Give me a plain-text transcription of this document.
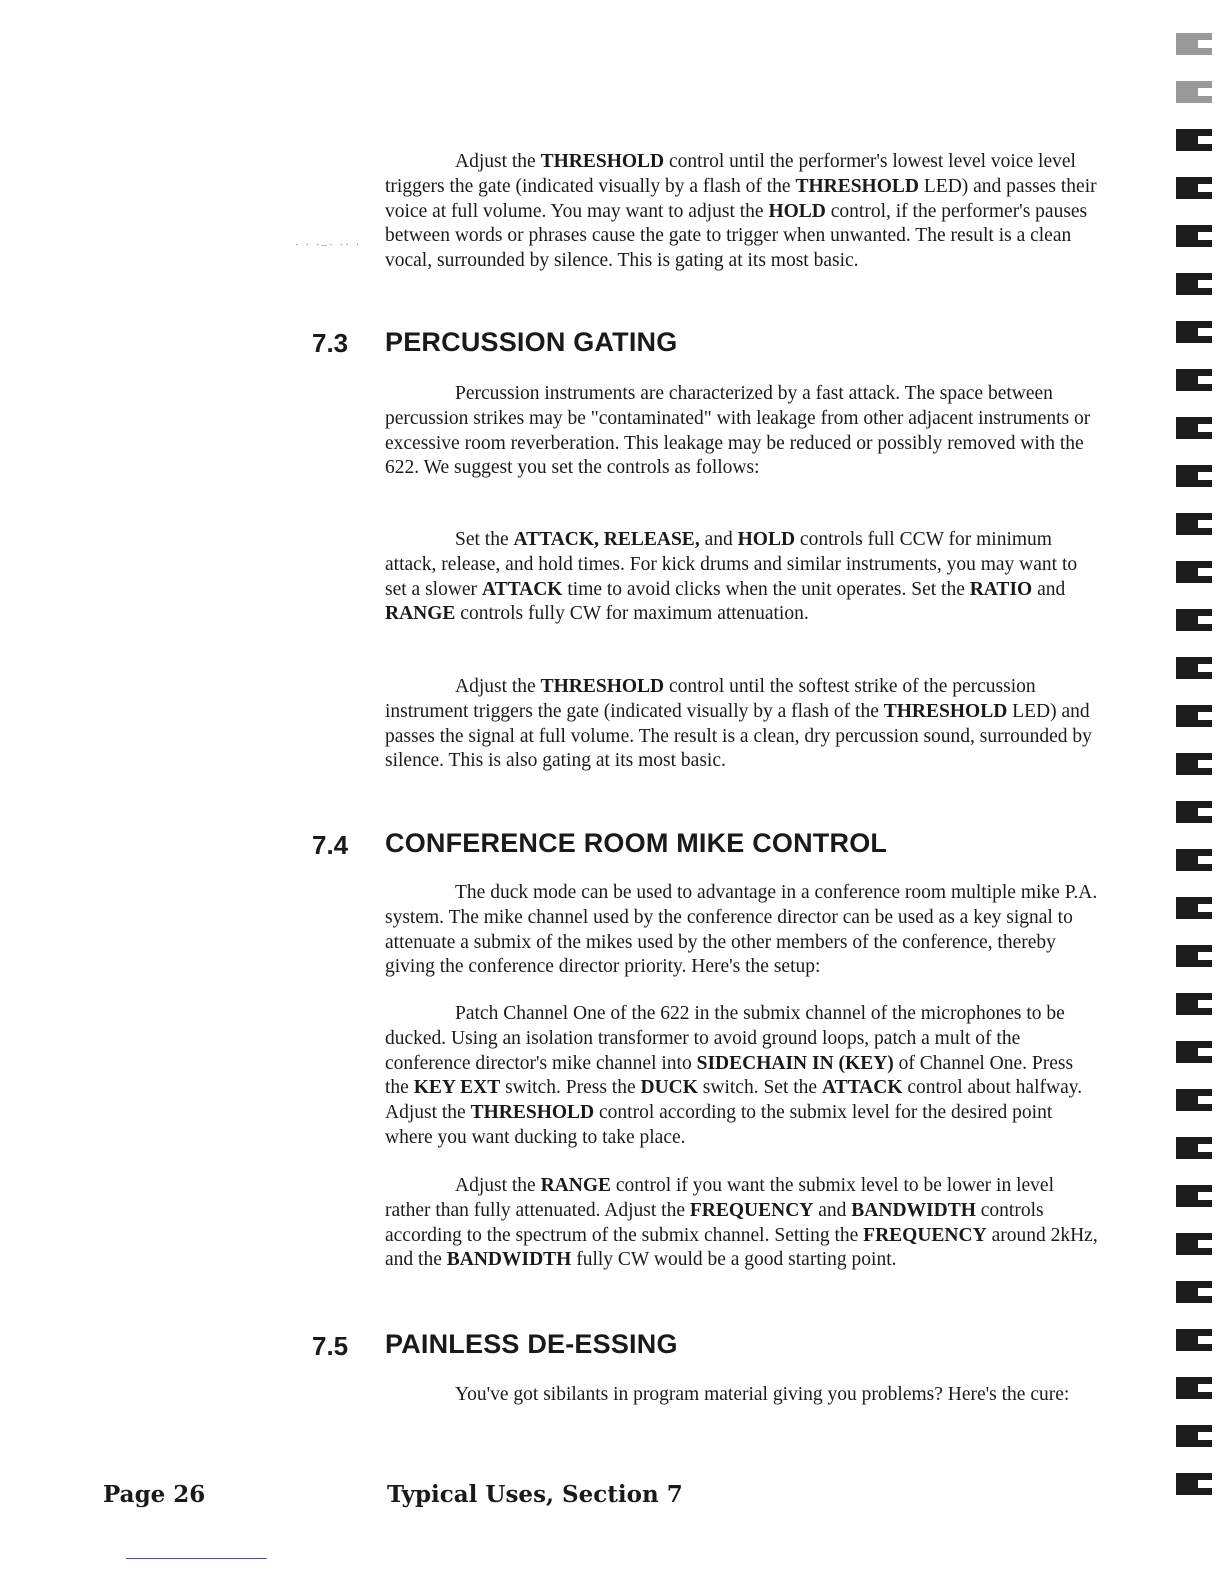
· · ·–· ·· ·

Adjust the THRESHOLD control until the performer's lowest level voice level triggers the gate (indicated visually by a flash of the THRESHOLD LED) and passes their voice at full volume. You may want to adjust the HOLD control, if the performer's pauses between words or phrases cause the gate to trigger when unwanted. The result is a clean vocal, surrounded by silence. This is gating at its most basic.

7.3 PERCUSSION GATING

Percussion instruments are characterized by a fast attack. The space between percussion strikes may be "contaminated" with leakage from other adjacent instruments or excessive room reverberation. This leakage may be reduced or possibly removed with the 622. We suggest you set the controls as follows:

Set the ATTACK, RELEASE, and HOLD controls full CCW for minimum attack, release, and hold times. For kick drums and similar instruments, you may want to set a slower ATTACK time to avoid clicks when the unit operates. Set the RATIO and RANGE controls fully CW for maximum attenuation.

Adjust the THRESHOLD control until the softest strike of the percussion instrument triggers the gate (indicated visually by a flash of the THRESHOLD LED) and passes the signal at full volume. The result is a clean, dry percussion sound, surrounded by silence. This is also gating at its most basic.

7.4 CONFERENCE ROOM MIKE CONTROL

The duck mode can be used to advantage in a conference room multiple mike P.A. system. The mike channel used by the conference director can be used as a key signal to attenuate a submix of the mikes used by the other members of the conference, thereby giving the conference director priority. Here's the setup:

Patch Channel One of the 622 in the submix channel of the microphones to be ducked. Using an isolation transformer to avoid ground loops, patch a mult of the conference director's mike channel into SIDECHAIN IN (KEY) of Channel One. Press the KEY EXT switch. Press the DUCK switch. Set the ATTACK control about halfway. Adjust the THRESHOLD control according to the submix level for the desired point where you want ducking to take place.

Adjust the RANGE control if you want the submix level to be lower in level rather than fully attenuated. Adjust the FREQUENCY and BANDWIDTH controls according to the spectrum of the submix channel. Setting the FREQUENCY around 2kHz, and the BANDWIDTH fully CW would be a good starting point.

7.5 PAINLESS DE-ESSING

You've got sibilants in program material giving you problems? Here's the cure:

Page 26	Typical Uses, Section 7
